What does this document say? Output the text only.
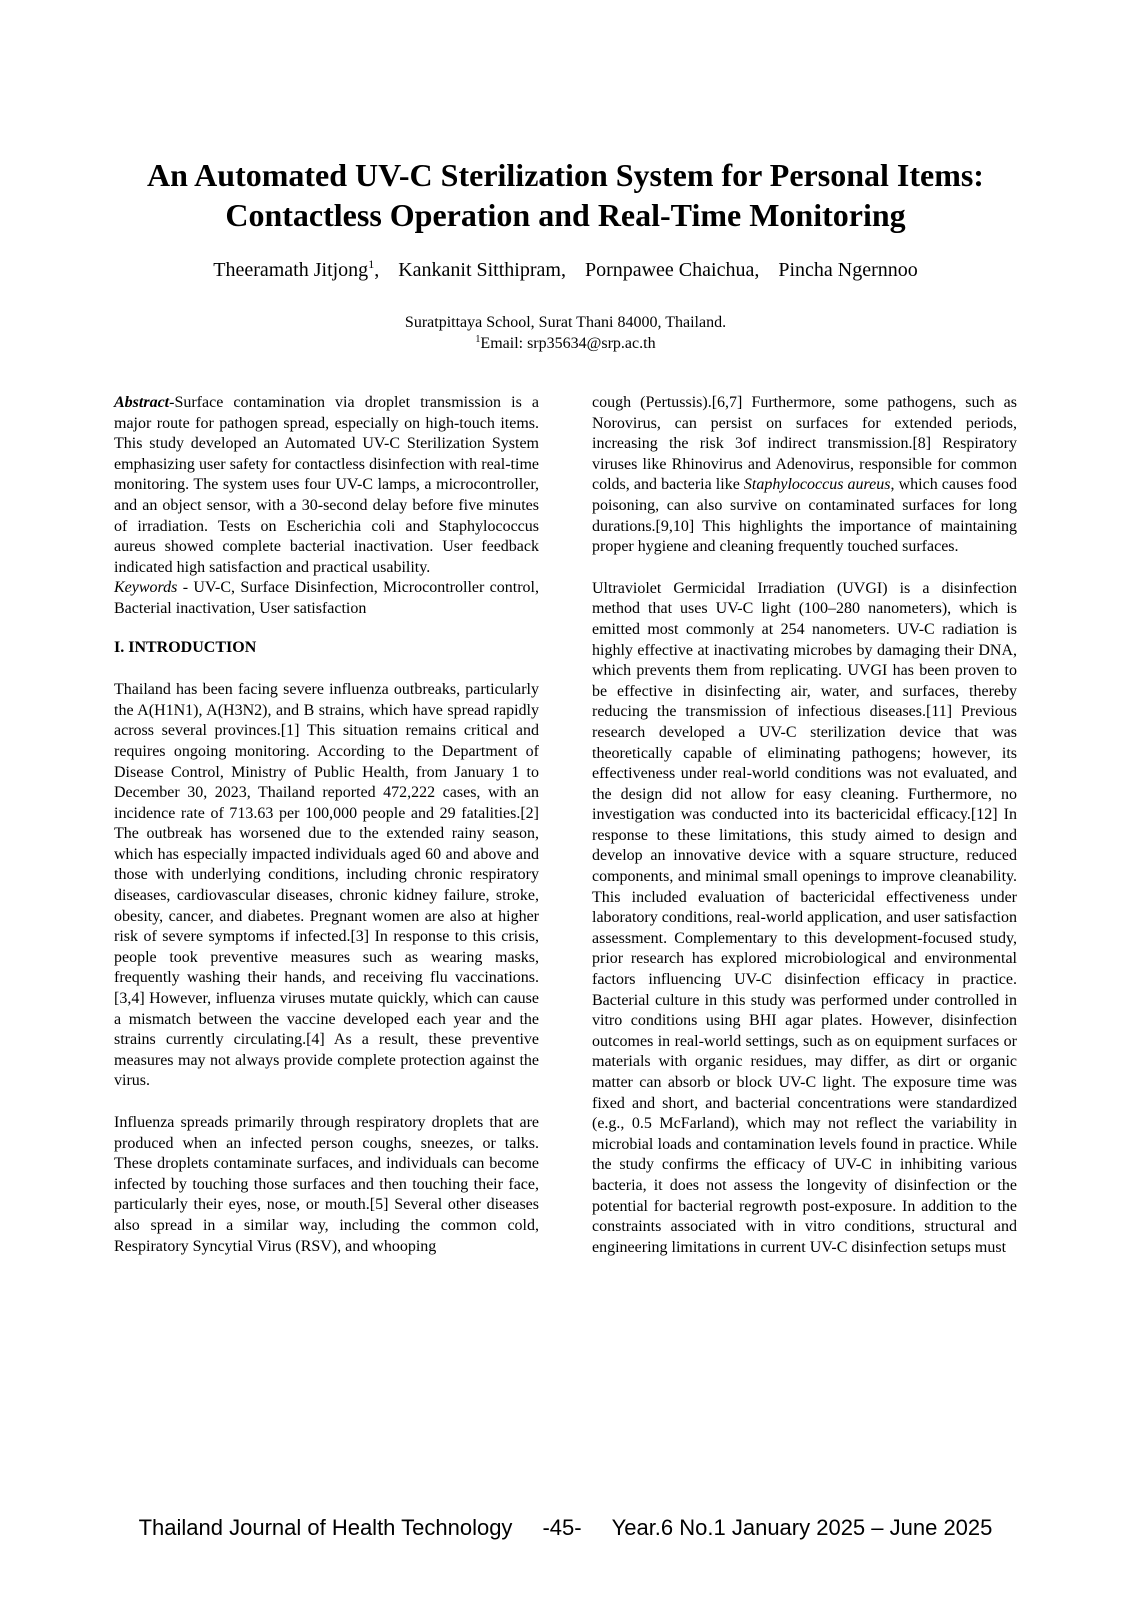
An Automated UV-C Sterilization System for Personal Items:
Contactless Operation and Real-Time Monitoring
Theeramath Jitjong$^1$, Kankanit Sitthipram, Pornpawee Chaichua, Pincha Ngernnoo
Suratpittaya School, Surat Thani 84000, Thailand.
$^1$Email: srp35634@srp.ac.th

Abstract-Surface contamination via droplet transmission is a major route for pathogen spread, especially on high-touch items. This study developed an Automated UV-C Sterilization System emphasizing user safety for contactless disinfection with real-time monitoring. The system uses four UV-C lamps, a microcontroller, and an object sensor, with a 30-second delay before five minutes of irradiation. Tests on Escherichia coli and Staphylococcus aureus showed complete bacterial inactivation. User feedback indicated high satisfaction and practical usability.

Keywords - UV-C, Surface Disinfection, Microcontroller control, Bacterial inactivation, User satisfaction

I. INTRODUCTION

Thailand has been facing severe influenza outbreaks, particularly the A(H1N1), A(H3N2), and B strains, which have spread rapidly across several provinces.[1] This situation remains critical and requires ongoing monitoring. According to the Department of Disease Control, Ministry of Public Health, from January 1 to December 30, 2023, Thailand reported 472,222 cases, with an incidence rate of 713.63 per 100,000 people and 29 fatalities.[2] The outbreak has worsened due to the extended rainy season, which has especially impacted individuals aged 60 and above and those with underlying conditions, including chronic respiratory diseases, cardiovascular diseases, chronic kidney failure, stroke, obesity, cancer, and diabetes. Pregnant women are also at higher risk of severe symptoms if infected.[3] In response to this crisis, people took preventive measures such as wearing masks, frequently washing their hands, and receiving flu vaccinations.[3,4] However, influenza viruses mutate quickly, which can cause a mismatch between the vaccine developed each year and the strains currently circulating.[4] As a result, these preventive measures may not always provide complete protection against the virus.

Influenza spreads primarily through respiratory droplets that are produced when an infected person coughs, sneezes, or talks. These droplets contaminate surfaces, and individuals can become infected by touching those surfaces and then touching their face, particularly their eyes, nose, or mouth.[5] Several other diseases also spread in a similar way, including the common cold, Respiratory Syncytial Virus (RSV), and whooping

cough (Pertussis).[6,7] Furthermore, some pathogens, such as Norovirus, can persist on surfaces for extended periods, increasing the risk 3of indirect transmission.[8] Respiratory viruses like Rhinovirus and Adenovirus, responsible for common colds, and bacteria like Staphylococcus aureus, which causes food poisoning, can also survive on contaminated surfaces for long durations.[9,10] This highlights the importance of maintaining proper hygiene and cleaning frequently touched surfaces.

Ultraviolet Germicidal Irradiation (UVGI) is a disinfection method that uses UV-C light (100–280 nanometers), which is emitted most commonly at 254 nanometers. UV-C radiation is highly effective at inactivating microbes by damaging their DNA, which prevents them from replicating. UVGI has been proven to be effective in disinfecting air, water, and surfaces, thereby reducing the transmission of infectious diseases.[11] Previous research developed a UV-C sterilization device that was theoretically capable of eliminating pathogens; however, its effectiveness under real-world conditions was not evaluated, and the design did not allow for easy cleaning. Furthermore, no investigation was conducted into its bactericidal efficacy.[12] In response to these limitations, this study aimed to design and develop an innovative device with a square structure, reduced components, and minimal small openings to improve cleanability. This included evaluation of bactericidal effectiveness under laboratory conditions, real-world application, and user satisfaction assessment. Complementary to this development-focused study, prior research has explored microbiological and environmental factors influencing UV-C disinfection efficacy in practice. Bacterial culture in this study was performed under controlled in vitro conditions using BHI agar plates. However, disinfection outcomes in real-world settings, such as on equipment surfaces or materials with organic residues, may differ, as dirt or organic matter can absorb or block UV-C light. The exposure time was fixed and short, and bacterial concentrations were standardized (e.g., 0.5 McFarland), which may not reflect the variability in microbial loads and contamination levels found in practice. While the study confirms the efficacy of UV-C in inhibiting various bacteria, it does not assess the longevity of disinfection or the potential for bacterial regrowth post-exposure. In addition to the constraints associated with in vitro conditions, structural and engineering limitations in current UV-C disinfection setups must

Thailand Journal of Health Technology -45- Year.6 No.1 January 2025 – June 2025
